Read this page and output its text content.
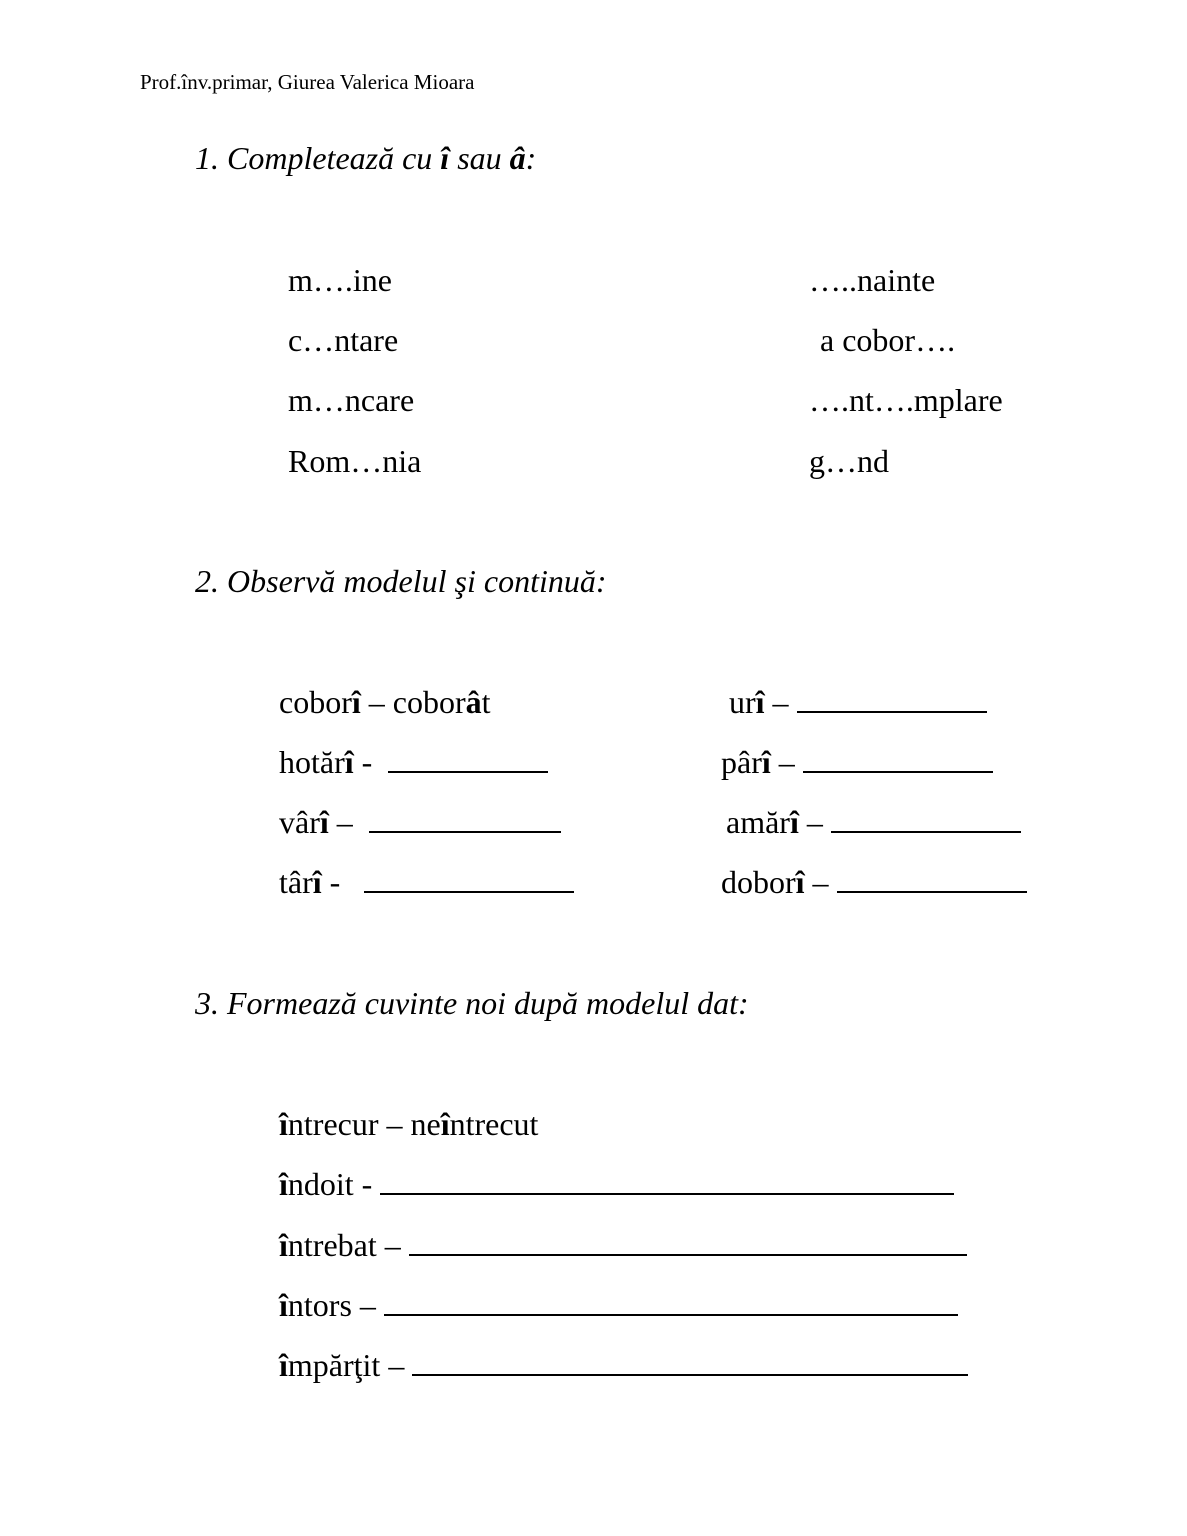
Prof.înv.primar, Giurea Valerica Mioara
1. Completează cu î sau â:
m….ine
c…ntare
m…ncare
Rom…nia
…..nainte
a cobor….
….nt….mplare
g…nd
2. Observă modelul şi continuă:
coborî – coborât
hotărî -
vârî –
târî -
urî –
pârî –
amărî –
doborî –
3. Formează cuvinte noi după modelul dat:
întrecur – neîntrecut
îndoit -
întrebat –
întors –
împărţit –
